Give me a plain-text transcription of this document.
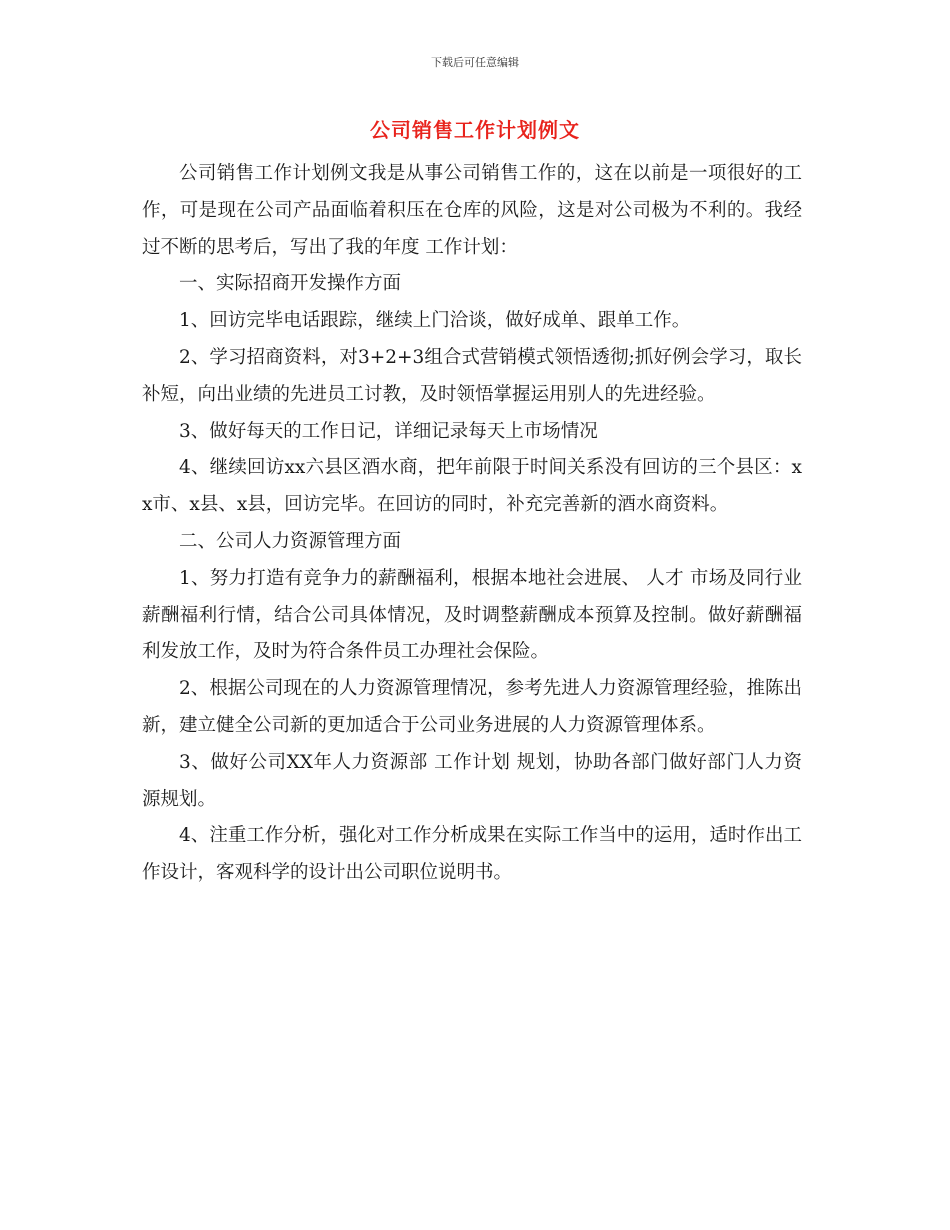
下载后可任意编辑
公司销售工作计划例文

公司销售工作计划例文我是从事公司销售工作的，这在以前是一项很好的工作，可是现在公司产品面临着积压在仓库的风险，这是对公司极为不利的。我经过不断的思考后，写出了我的年度 工作计划：

一、实际招商开发操作方面

1、回访完毕电话跟踪，继续上门洽谈，做好成单、跟单工作。

2、学习招商资料，对3+2+3组合式营销模式领悟透彻;抓好例会学习，取长补短，向出业绩的先进员工讨教，及时领悟掌握运用别人的先进经验。

3、做好每天的工作日记，详细记录每天上市场情况

4、继续回访xx六县区酒水商，把年前限于时间关系没有回访的三个县区：xx市、x县、x县，回访完毕。在回访的同时，补充完善新的酒水商资料。

二、公司人力资源管理方面

1、努力打造有竞争力的薪酬福利，根据本地社会进展、 人才 市场及同行业薪酬福利行情，结合公司具体情况，及时调整薪酬成本预算及控制。做好薪酬福利发放工作，及时为符合条件员工办理社会保险。

2、根据公司现在的人力资源管理情况，参考先进人力资源管理经验，推陈出新，建立健全公司新的更加适合于公司业务进展的人力资源管理体系。

3、做好公司XX年人力资源部 工作计划 规划，协助各部门做好部门人力资源规划。

4、注重工作分析，强化对工作分析成果在实际工作当中的运用，适时作出工作设计，客观科学的设计出公司职位说明书。
